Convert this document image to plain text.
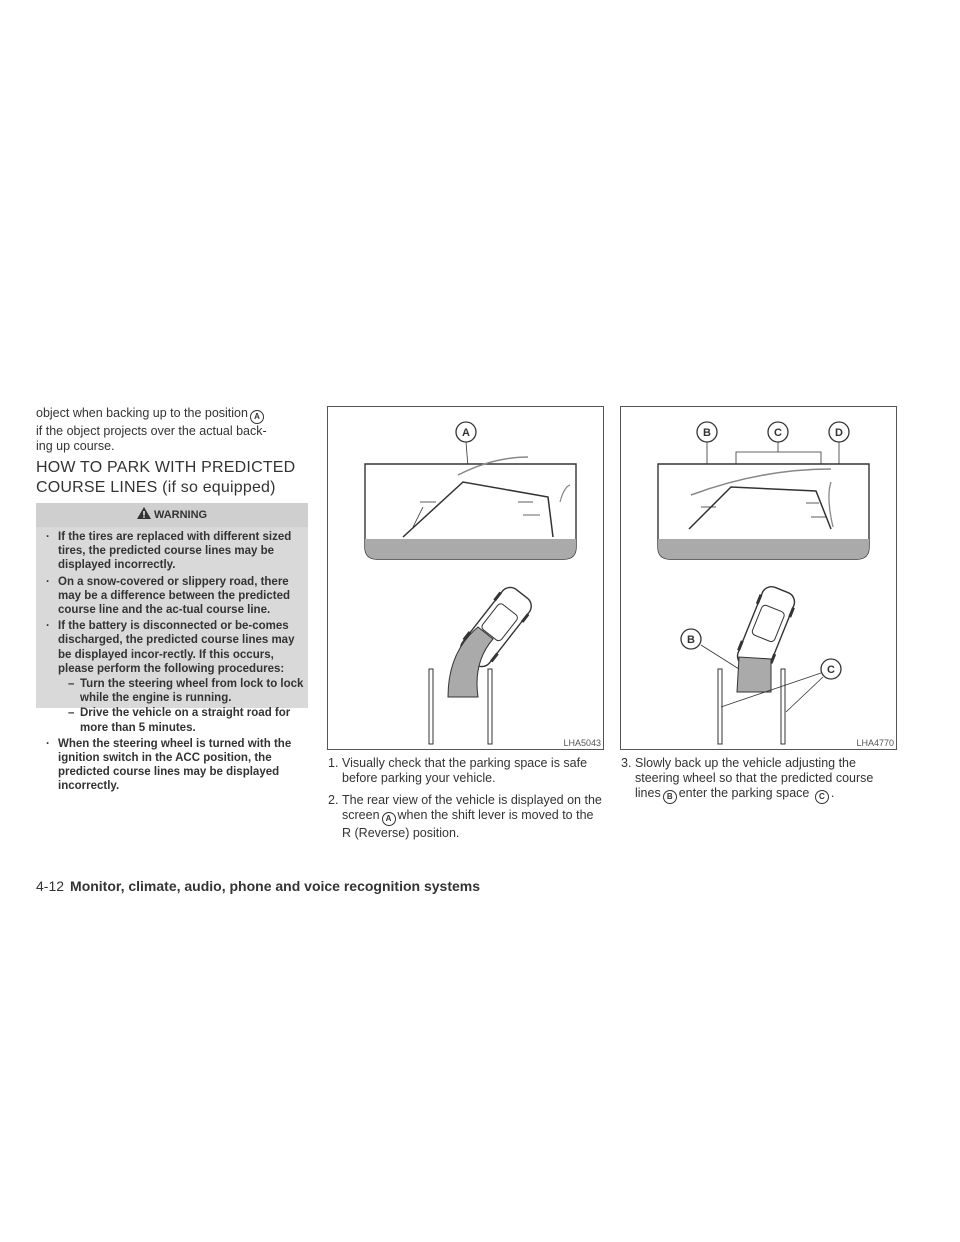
object when backing up to the position A
if the object projects over the actual back-
ing up course.
HOW TO PARK WITH PREDICTED
COURSE LINES (if so equipped)
WARNING
· If the tires are replaced with different sized tires, the predicted course lines may be displayed incorrectly.
· On a snow-covered or slippery road, there may be a difference between the predicted course line and the ac-tual course line.
· If the battery is disconnected or be-comes discharged, the predicted course lines may be displayed incor-rectly. If this occurs, please perform the following procedures:
– Turn the steering wheel from lock to lock while the engine is running.
– Drive the vehicle on a straight road for more than 5 minutes.
· When the steering wheel is turned with the ignition switch in the ACC position, the predicted course lines may be displayed incorrectly.
A
LHA5043
B	C	D
B
C
LHA4770
1. Visually check that the parking space is safe before parking your vehicle.
2. The rear view of the vehicle is displayed on the screen A when the shift lever is moved to the R (Reverse) position.
3. Slowly back up the vehicle adjusting the steering wheel so that the predicted course lines B enter the parking space C .
4-12 Monitor, climate, audio, phone and voice recognition systems
